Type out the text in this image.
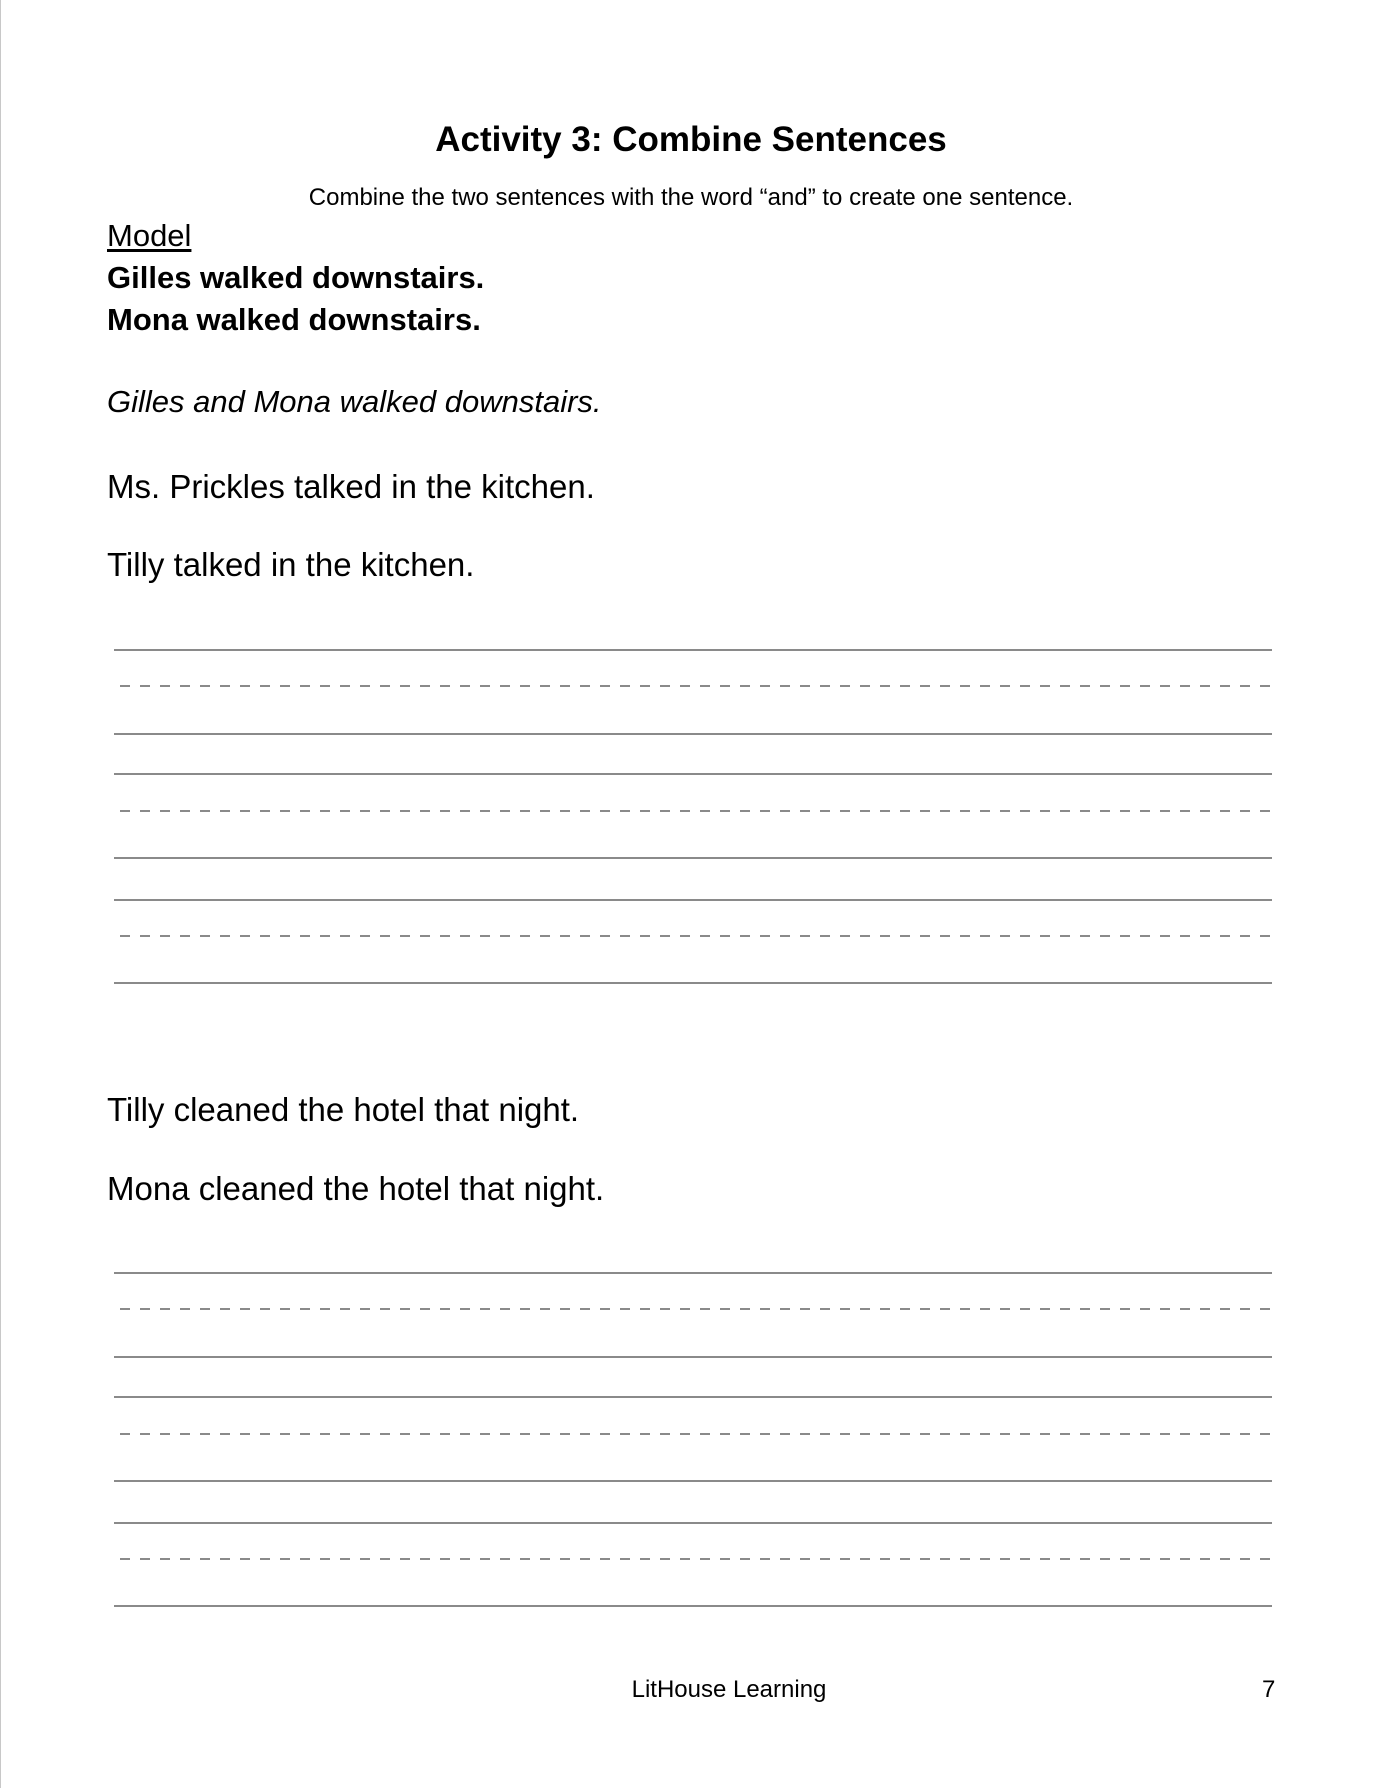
Activity 3: Combine Sentences
Combine the two sentences with the word “and” to create one sentence.
Model
Gilles walked downstairs.
Mona walked downstairs.
Gilles and Mona walked downstairs.
Ms. Prickles talked in the kitchen.
Tilly talked in the kitchen.
Tilly cleaned the hotel that night.
Mona cleaned the hotel that night.
LitHouse Learning	7
